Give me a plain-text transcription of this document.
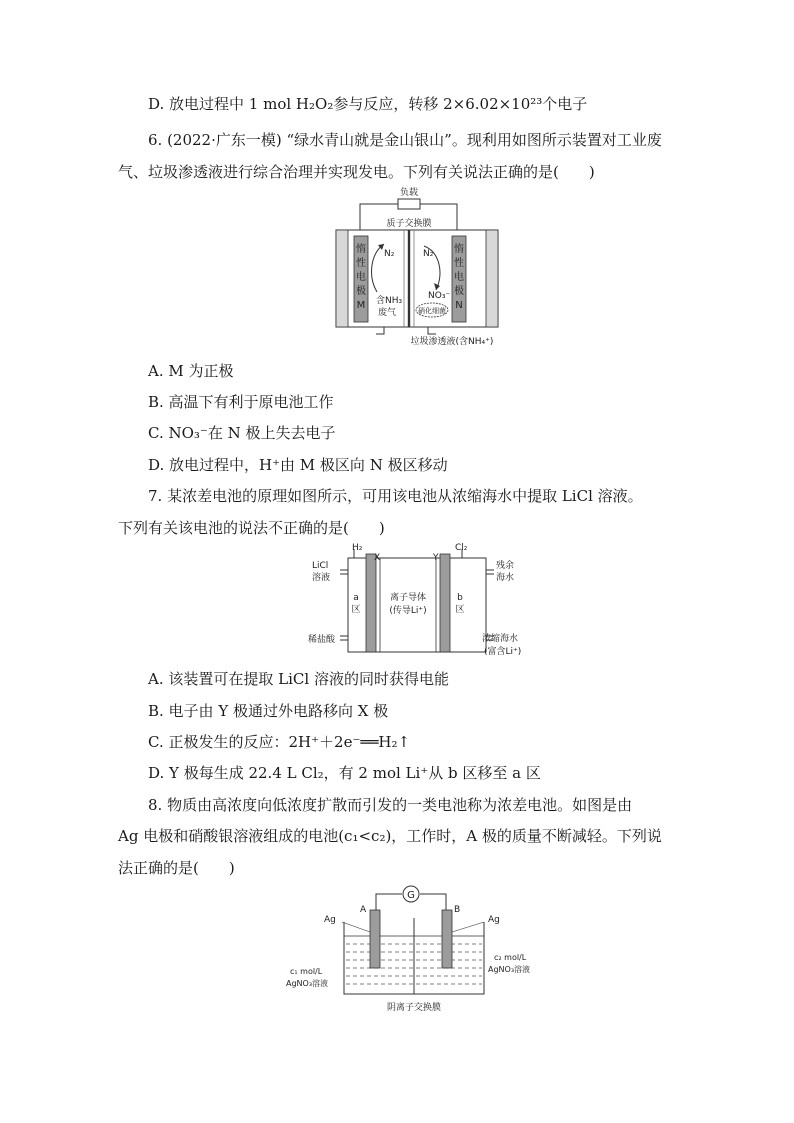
D. 放电过程中 1 mol H₂O₂参与反应，转移 2×6.02×10²³个电子
6. (2022·广东一模) “绿水青山就是金山银山”。现利用如图所示装置对工业废
气、垃圾渗透液进行综合治理并实现发电。下列有关说法正确的是(　　)
负载
质子交换膜
惰
性
电
极
M
惰
性
电
极
N
N₂	N₂
含NH₃
废气
NO₃⁻
硝化细菌
垃圾渗透液(含NH₄⁺)
A. M 为正极
B. 高温下有利于原电池工作
C. NO₃⁻在 N 极上失去电子
D. 放电过程中，H⁺由 M 极区向 N 极区移动
7. 某浓差电池的原理如图所示，可用该电池从浓缩海水中提取 LiCl 溶液。
下列有关该电池的说法不正确的是(　　)
H₂
X	Y
Cl₂
LiCl
溶液
残余
海水
a
区
b
区
离子导体
(传导Li⁺)
稀盐酸	浓缩海水
(富含Li⁺)
A. 该装置可在提取 LiCl 溶液的同时获得电能
B. 电子由 Y 极通过外电路移向 X 极
C. 正极发生的反应：2H⁺＋2e⁻══H₂↑
D. Y 极每生成 22.4 L Cl₂，有 2 mol Li⁺从 b 区移至 a 区
8. 物质由高浓度向低浓度扩散而引发的一类电池称为浓差电池。如图是由
Ag 电极和硝酸银溶液组成的电池(c₁<c₂)，工作时，A 极的质量不断减轻。下列说
法正确的是(　　)
G
A	B
Ag	Ag
c₁ mol/L
AgNO₃溶液
c₂ mol/L
AgNO₃溶液
阴离子交换膜
